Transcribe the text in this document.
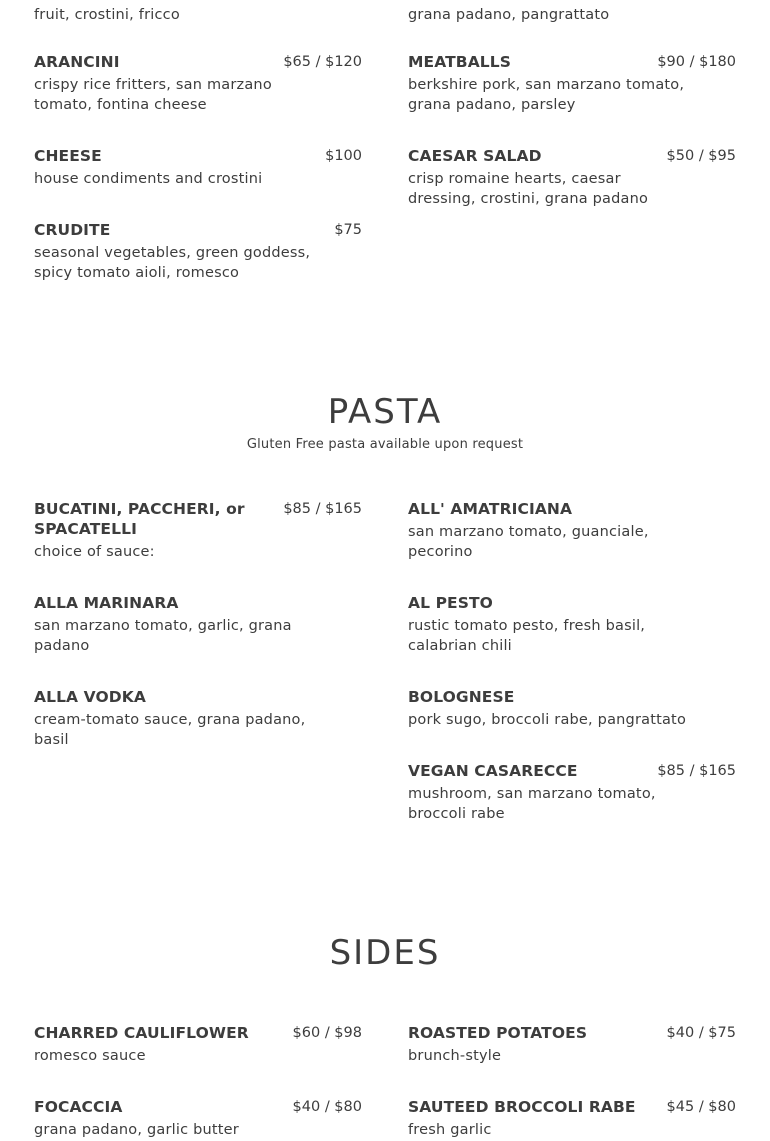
fruit, crostini, fricco	grana padano, pangrattato
ARANCINI	$65 / $120
crispy rice fritters, san marzano tomato, fontina cheese
CHEESE	$100
house condiments and crostini
CRUDITE	$75
seasonal vegetables, green goddess, spicy tomato aioli, romesco
MEATBALLS	$90 / $180
berkshire pork, san marzano tomato, grana padano, parsley
CAESAR SALAD	$50 / $95
crisp romaine hearts, caesar dressing, crostini, grana padano
PASTA
Gluten Free pasta available upon request
BUCATINI, PACCHERI, or SPACATELLI
$85 / $165
choice of sauce:
ALLA MARINARA
san marzano tomato, garlic, grana padano
ALLA VODKA
cream-tomato sauce, grana padano, basil
ALL' AMATRICIANA
san marzano tomato, guanciale, pecorino
AL PESTO
rustic tomato pesto, fresh basil, calabrian chili
BOLOGNESE
pork sugo, broccoli rabe, pangrattato
VEGAN CASARECCE	$85 / $165
mushroom, san marzano tomato, broccoli rabe
SIDES
CHARRED CAULIFLOWER	$60 / $98
romesco sauce
FOCACCIA	$40 / $80
grana padano, garlic butter
ROASTED POTATOES	$40 / $75
brunch-style
SAUTEED BROCCOLI RABE $45 / $80
fresh garlic
